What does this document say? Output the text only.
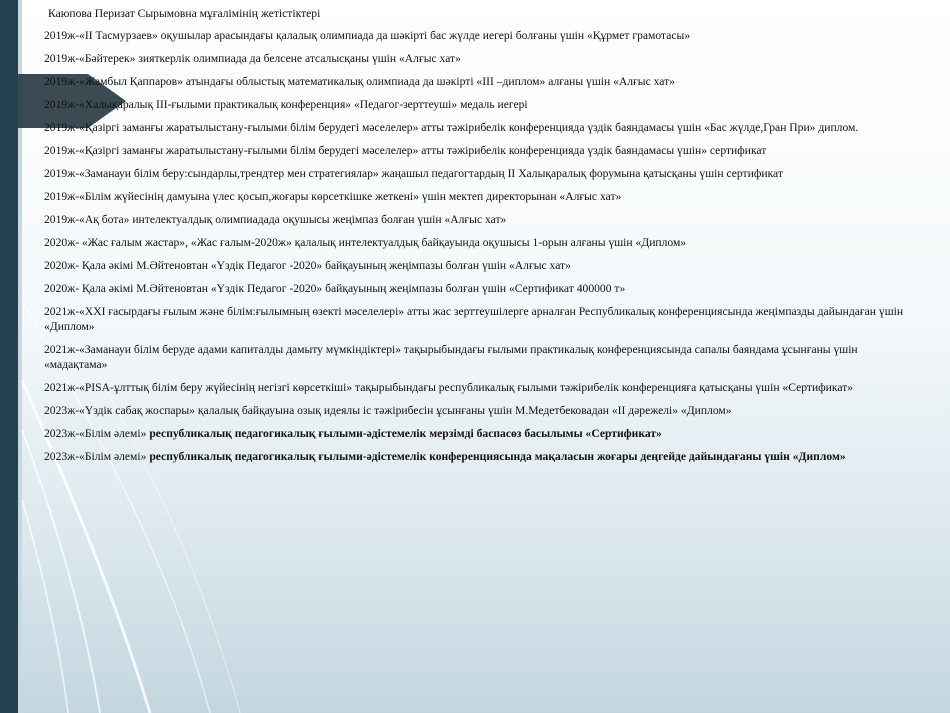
Каюпова Перизат Сырымовна мұғалімінің жетістіктері
2019ж-«II Тасмурзаев» оқушылар арасындағы қалалық олимпиада да шәкірті бас жүлде иегері болғаны үшін «Құрмет грамотасы»
2019ж-«Бәйтерек» зияткерлік олимпиада да белсене атсалысқаны үшін «Алғыс хат»
2019ж-«Жамбыл Қаппаров» атындағы облыстық математикалық олимпиада да шәкірті «III –диплом» алғаны үшін «Алғыс хат»
2019ж-«Халықаралық III-ғылыми практикалық конференция» «Педагог-зерттеуші» медаль иегері
2019ж-«Қазіргі заманғы жаратылыстану-ғылыми білім берудегі мәселелер» атты тәжірибелік конференцияда үздік баяндамасы үшін «Бас жүлде,Гран При» диплом.
2019ж-«Қазіргі заманғы жаратылыстану-ғылыми білім берудегі мәселелер» атты тәжірибелік конференцияда үздік баяндамасы үшін» сертификат
2019ж-«Заманауи білім беру:сындарлы,трендтер мен стратегиялар» жаңашыл педагогтардың II Халықаралық форумына қатысқаны үшін сертификат
2019ж-«Білім жүйесінің дамуына үлес қосып,жоғары көрсеткішке жеткені» үшін мектеп директорынан «Алғыс хат»
2019ж-«Ақ бота» интелектуалдық олимпиадада оқушысы жеңімпаз болған үшін «Алғыс хат»
2020ж- «Жас ғалым жастар», «Жас ғалым-2020ж» қалалық интелектуалдық байқауында оқушысы 1-орын алғаны үшін «Диплом»
2020ж- Қала әкімі М.Әйтеновтан «Үздік Педагог -2020» байқауының жеңімпазы болған үшін «Алғыс хат»
2020ж- Қала әкімі М.Әйтеновтан «Үздік Педагог -2020» байқауының жеңімпазы болған үшін «Сертификат 400000 т»
2021ж-«XXI ғасырдағы ғылым және білім:ғылымның өзекті мәселелері» атты жас зерттеушілерге арналған Республикалық конференциясында жеңімпазды дайындаған үшін «Диплом»
2021ж-«Заманауи білім беруде адами капиталды дамыту мүмкіндіктері» тақырыбындағы ғылыми практикалық конференциясында сапалы баяндама ұсынғаны үшін «мадақтама»
2021ж-«PISA-ұлттық білім беру жүйесінің негізгі көрсеткіші» тақырыбындағы республикалық ғылыми тәжірибелік конференцияға қатысқаны үшін «Сертификат»
2023ж-«Үздік сабақ жоспары» қалалық байқауына озық идеялы іс тәжірибесін ұсынғаны үшін М.Медетбековадан «II дәрежелі» «Диплом»
2023ж-«Білім әлемі» республикалық педагогикалық ғылыми-әдістемелік мерзімді баспасөз басылымы «Сертификат»
2023ж-«Білім әлемі» республикалық педагогикалық ғылыми-әдістемелік конференциясында мақаласын жоғары деңгейде дайындағаны үшін «Диплом»
